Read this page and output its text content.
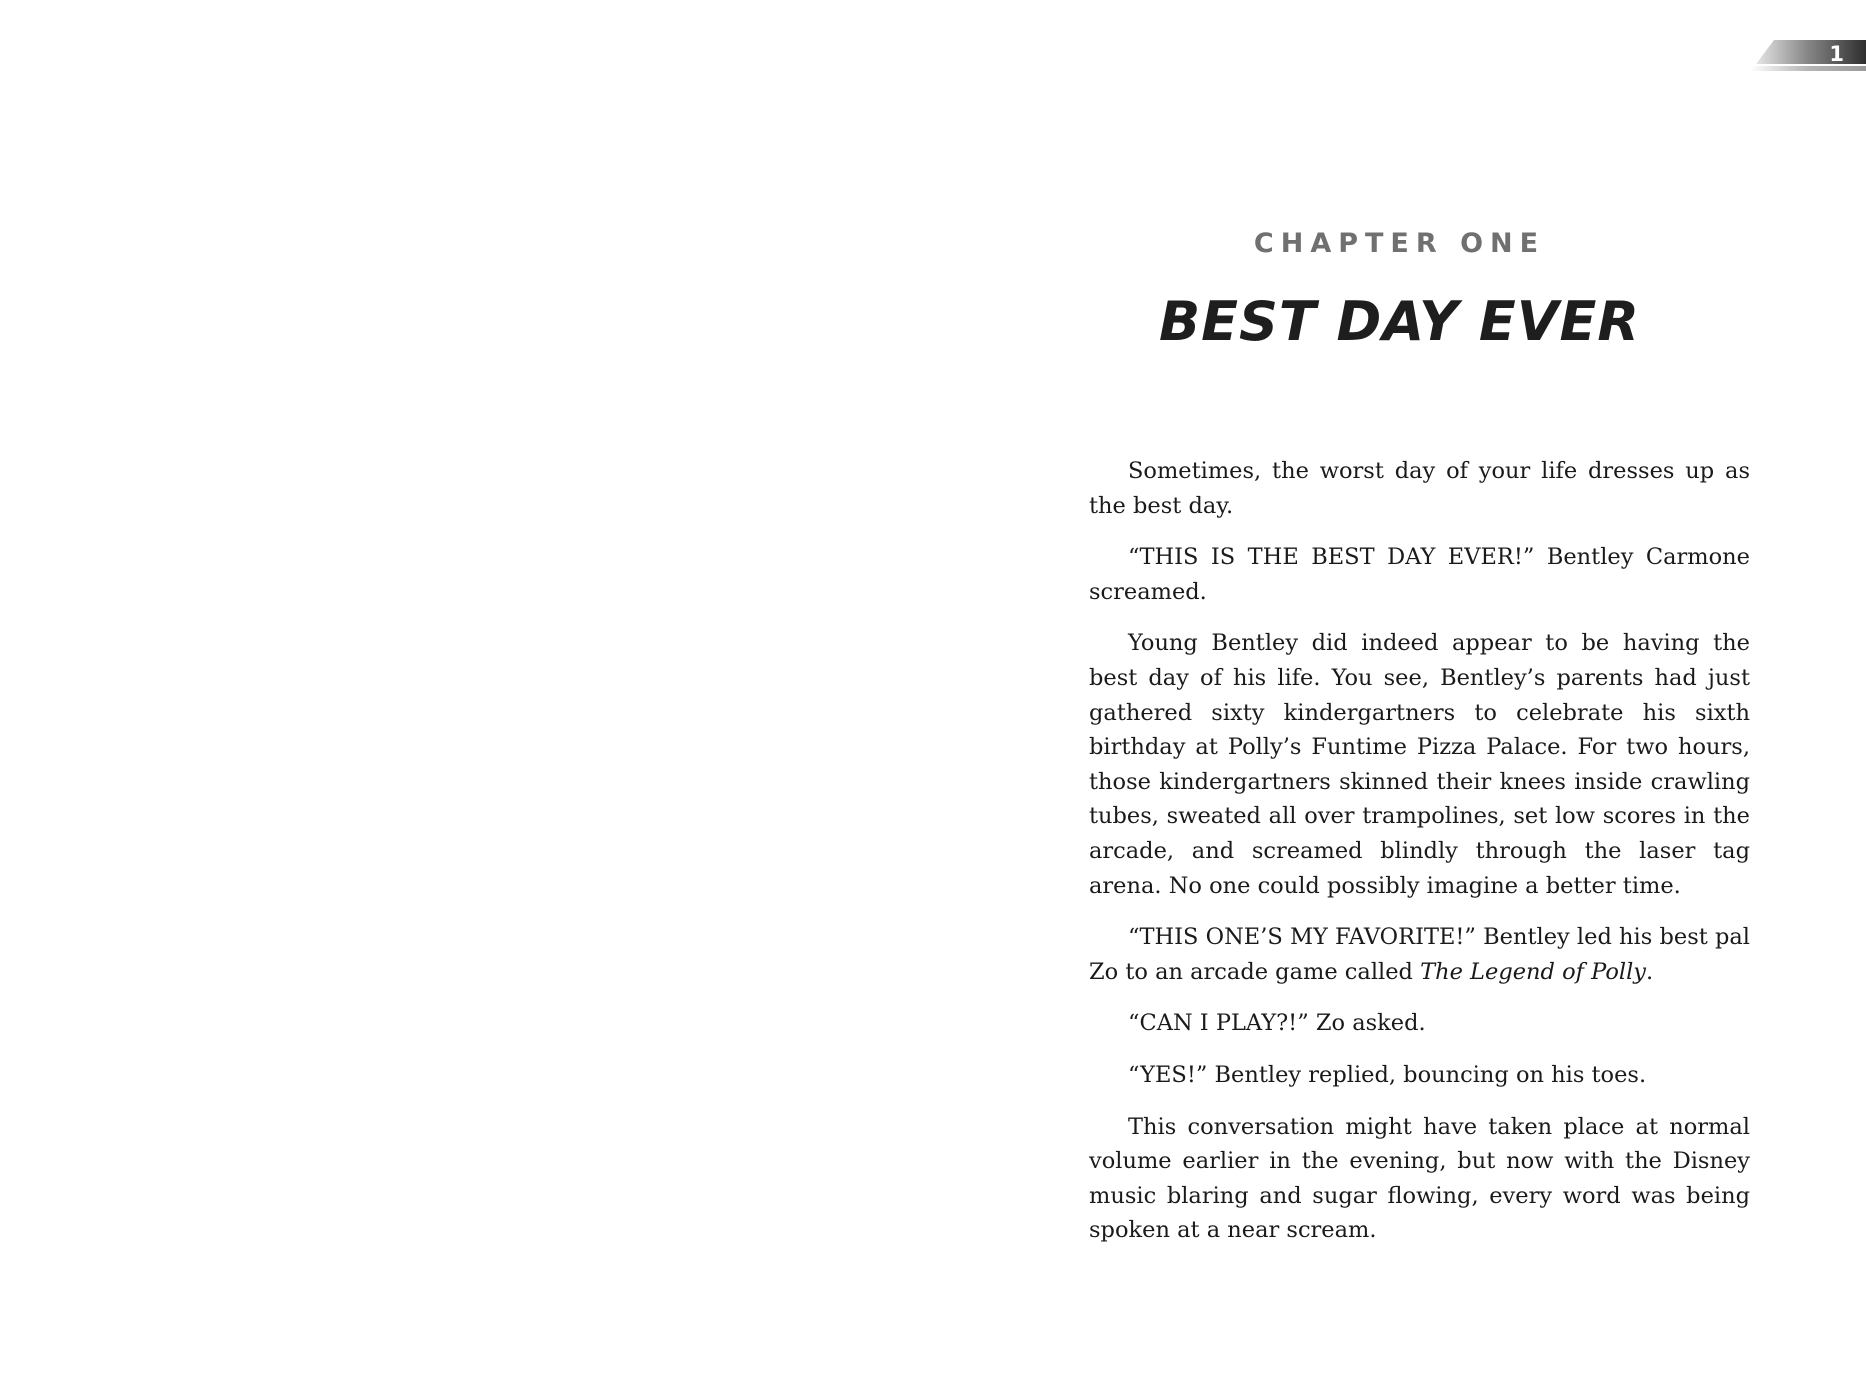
1
CHAPTER ONE
BEST DAY EVER

Sometimes, the worst day of your life dresses up as the best day.

“THIS IS THE BEST DAY EVER!” Bentley Carmone screamed.

Young Bentley did indeed appear to be having the best day of his life. You see, Bentley’s parents had just gathered sixty kindergartners to celebrate his sixth birthday at Polly’s Funtime Pizza Palace. For two hours, those kindergartners skinned their knees inside crawling tubes, sweated all over trampolines, set low scores in the arcade, and screamed blindly through the laser tag arena. No one could possibly imagine a better time.

“THIS ONE’S MY FAVORITE!” Bentley led his best pal Zo to an arcade game called The Legend of Polly.

“CAN I PLAY?!” Zo asked.

“YES!” Bentley replied, bouncing on his toes.

This conversation might have taken place at normal volume earlier in the evening, but now with the Disney music blaring and sugar flowing, every word was being spoken at a near scream.
